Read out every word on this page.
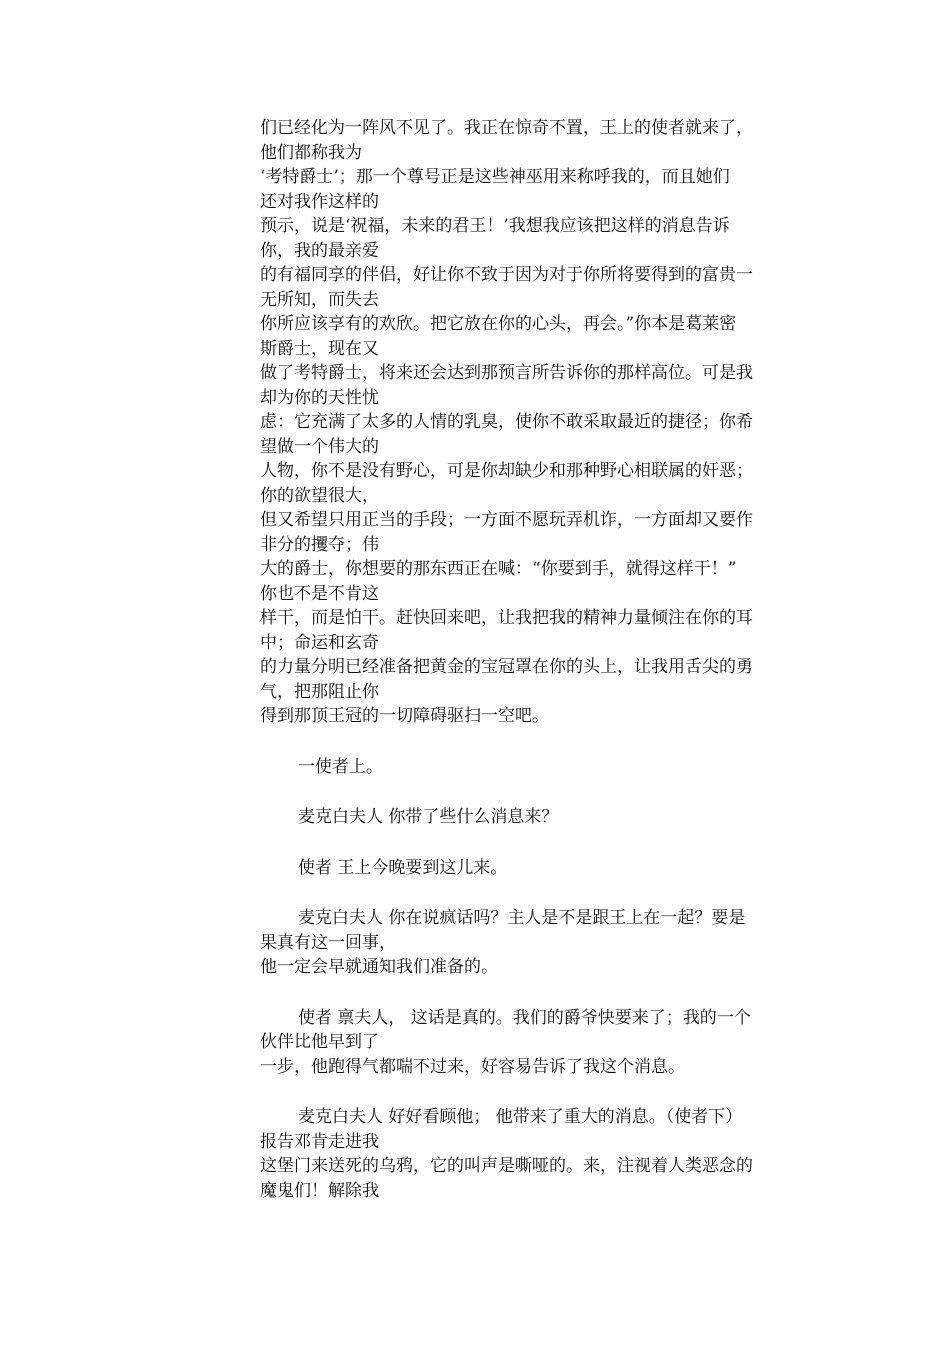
们已经化为一阵风不见了。我正在惊奇不置，王上的使者就来了，
他们都称我为
‘考特爵士’；那一个尊号正是这些神巫用来称呼我的，而且她们
还对我作这样的
预示，说是‘祝福，未来的君王！’我想我应该把这样的消息告诉
你，我的最亲爱
的有福同享的伴侣，好让你不致于因为对于你所将要得到的富贵一
无所知，而失去
你所应该享有的欢欣。把它放在你的心头，再会。”你本是葛莱密
斯爵士，现在又
做了考特爵士，将来还会达到那预言所告诉你的那样高位。可是我
却为你的天性忧
虑：它充满了太多的人情的乳臭，使你不敢采取最近的捷径；你希
望做一个伟大的
人物，你不是没有野心，可是你却缺少和那种野心相联属的奸恶；
你的欲望很大，
但又希望只用正当的手段；一方面不愿玩弄机诈，一方面却又要作
非分的攫夺；伟
大的爵士，你想要的那东西正在喊：“你要到手，就得这样干！”
你也不是不肯这
样干，而是怕干。赶快回来吧，让我把我的精神力量倾注在你的耳
中；命运和玄奇
的力量分明已经准备把黄金的宝冠罩在你的头上，让我用舌尖的勇
气，把那阻止你
得到那顶王冠的一切障碍驱扫一空吧。
一使者上。
麦克白夫人 你带了些什么消息来？
使者 王上今晚要到这儿来。
麦克白夫人 你在说疯话吗？主人是不是跟王上在一起？要是
果真有这一回事，
他一定会早就通知我们准备的。
使者 禀夫人， 这话是真的。我们的爵爷快要来了；我的一个
伙伴比他早到了
一步，他跑得气都喘不过来，好容易告诉了我这个消息。
麦克白夫人 好好看顾他； 他带来了重大的消息。（使者下）
报告邓肯走进我
这堡门来送死的乌鸦，它的叫声是嘶哑的。来，注视着人类恶念的
魔鬼们！解除我
